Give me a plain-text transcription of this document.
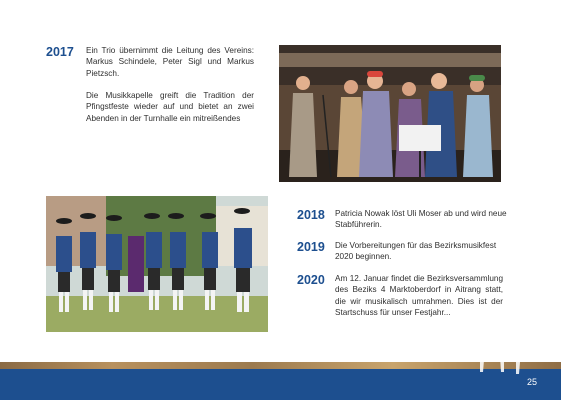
2017 Ein Trio übernimmt die Leitung des Vereins: Markus Schindele, Peter Sigl und Markus Pietzsch.

Die Musikkapelle greift die Tradition der Pfingstfeste wieder auf und bietet an zwei Abenden in der Turnhalle ein mitreißendes

2018 Patricia Nowak löst Uli Moser ab und wird neue Stabführerin.

2019 Die Vorbereitungen für das Bezirksmusikfest 2020 beginnen.

2020 Am 12. Januar findet die Bezirksversammlung des Beziks 4 Marktoberdorf in Aitrang statt, die wir musikalisch umrahmen. Dies ist der Startschuss für unser Festjahr...

25
